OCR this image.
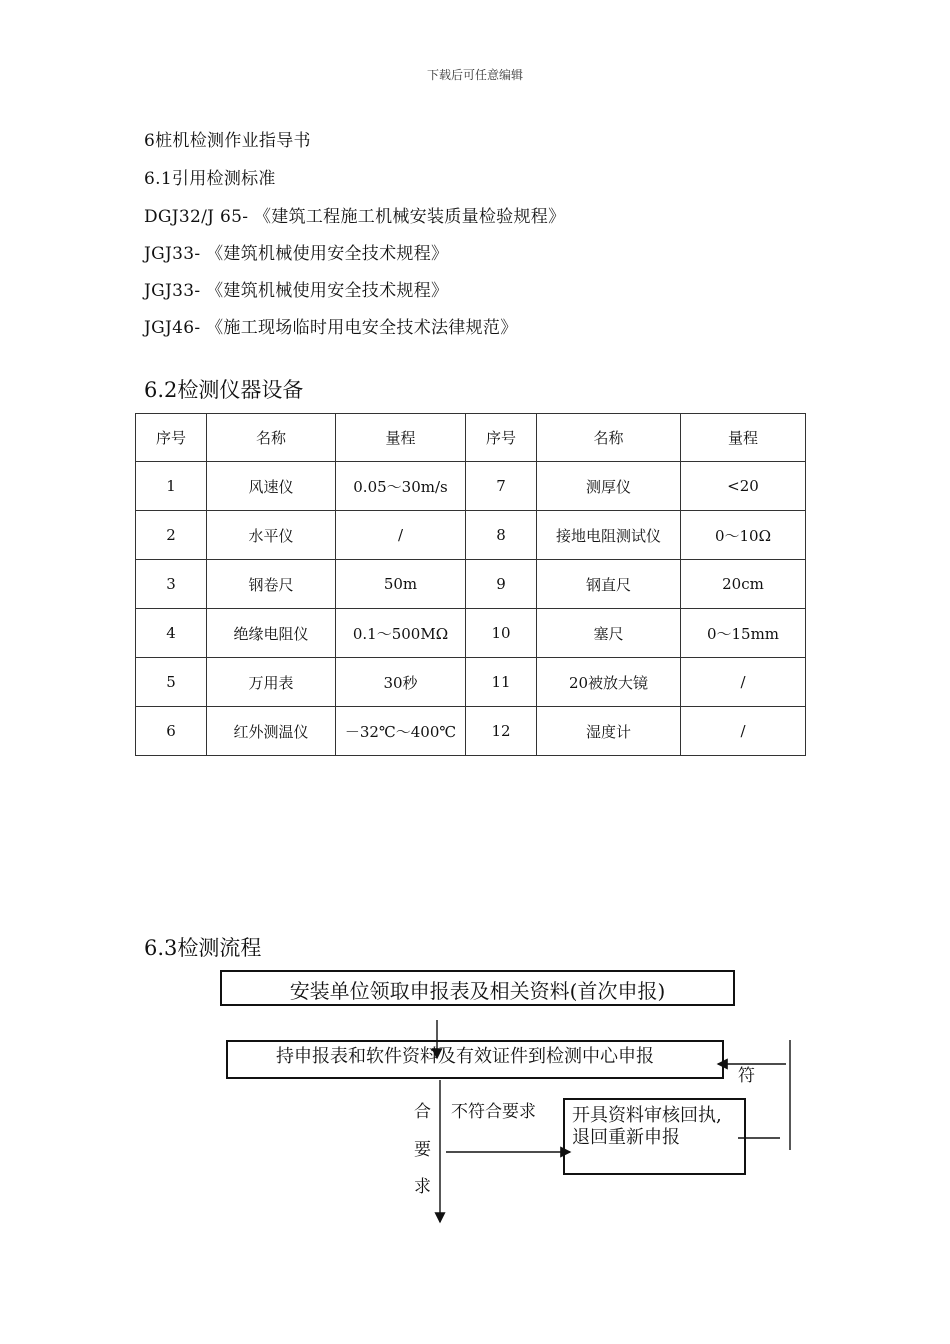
下载后可任意编辑
6桩机检测作业指导书
6.1引用检测标准
DGJ32/J 65- 《建筑工程施工机械安装质量检验规程》
JGJ33- 《建筑机械使用安全技术规程》
JGJ33- 《建筑机械使用安全技术规程》
JGJ46- 《施工现场临时用电安全技术法律规范》
6.2检测仪器设备
序号	名称	量程	序号	名称	量程
1	风速仪	0.05～30m/s	7	测厚仪	<20
2	水平仪	/	8	接地电阻测试仪	0～10Ω
3	钢卷尺	50m	9	钢直尺	20cm
4	绝缘电阻仪	0.1～500MΩ	10	塞尺	0～15mm
5	万用表	30秒	11	20被放大镜	/
6	红外测温仪	－32℃～400℃	12	湿度计	/
6.3检测流程
安装单位领取申报表及相关资料(首次申报)
持申报表和软件资料及有效证件到检测中心申报
开具资料审核回执,
退回重新申报
不符合要求
合
要
求
符
